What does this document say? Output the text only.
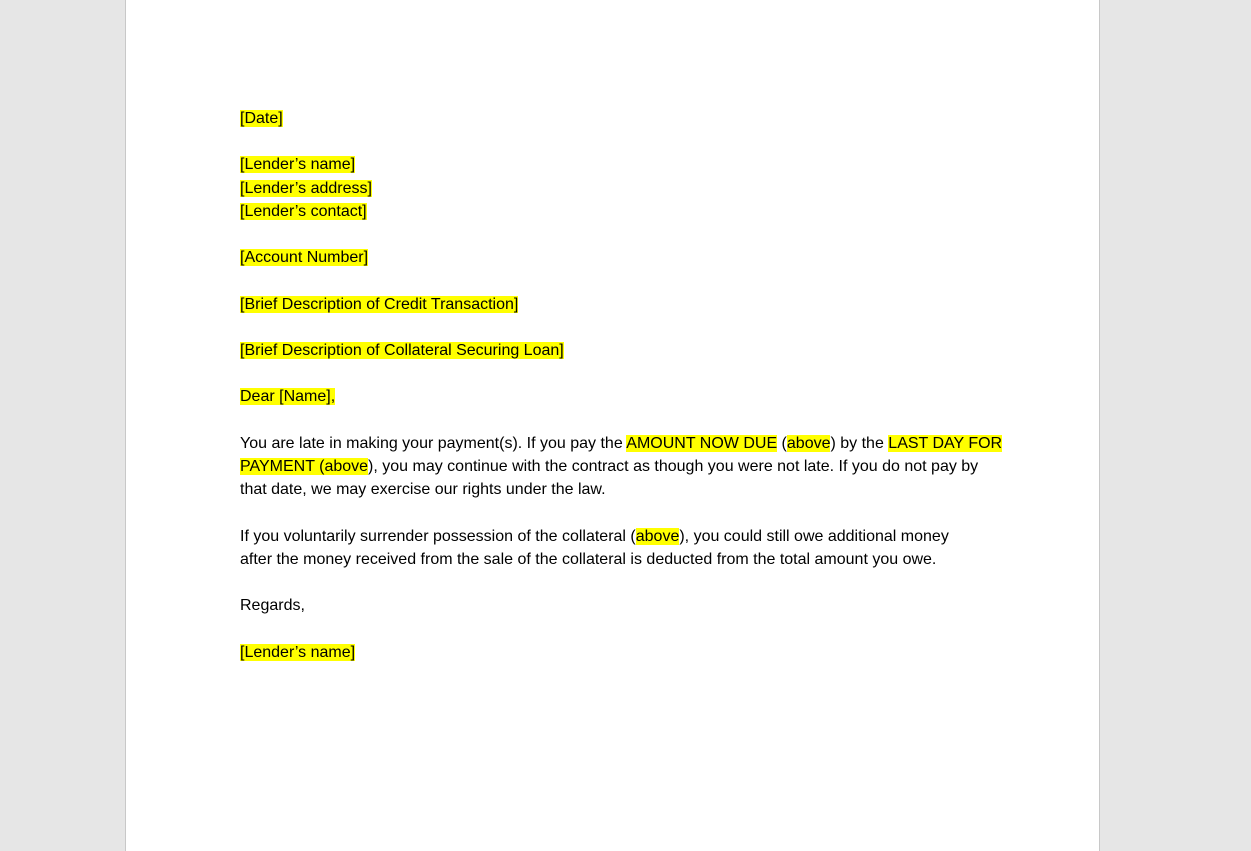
[Date]

[Lender’s name]

[Lender’s address]

[Lender’s contact]

[Account Number]

[Brief Description of Credit Transaction]

[Brief Description of Collateral Securing Loan]

Dear [Name],

You are late in making your payment(s). If you pay the AMOUNT NOW DUE (above) by the LAST DAY FOR

PAYMENT (above), you may continue with the contract as though you were not late. If you do not pay by

that date, we may exercise our rights under the law.

If you voluntarily surrender possession of the collateral (above), you could still owe additional money

after the money received from the sale of the collateral is deducted from the total amount you owe.

Regards,

[Lender’s name]
